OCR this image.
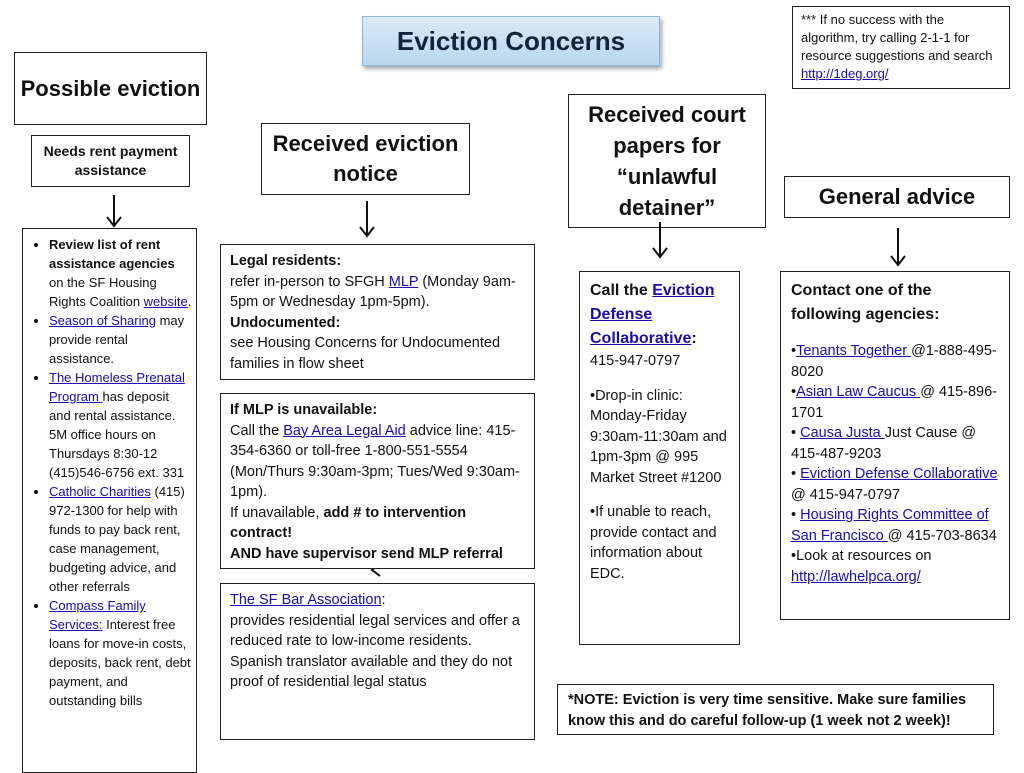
Eviction Concerns
*** If no success with the algorithm, try calling 2-1-1 for resource suggestions and search http://1deg.org/
Possible eviction
Needs rent payment assistance
Received eviction notice
Received court papers for “unlawful detainer”	General advice
• Review list of rent assistance agencies on the SF Housing Rights Coalition website.
• Season of Sharing may provide rental assistance.
• The Homeless Prenatal Program has deposit and rental assistance. 5M office hours on Thursdays 8:30-12 (415)546-6756 ext. 331
• Catholic Charities (415) 972-1300 for help with funds to pay back rent, case management, budgeting advice, and other referrals
• Compass Family Services: Interest free loans for move-in costs, deposits, back rent, debt payment, and outstanding bills
Legal residents:
refer in-person to SFGH MLP (Monday 9am-5pm or Wednesday 1pm-5pm).
Undocumented:
see Housing Concerns for Undocumented families in flow sheet
If MLP is unavailable:
Call the Bay Area Legal Aid advice line: 415-354-6360 or toll-free 1-800-551-5554 (Mon/Thurs 9:30am-3pm; Tues/Wed 9:30am-1pm).
If unavailable, add # to intervention contract!
AND have supervisor send MLP referral
The SF Bar Association:
provides residential legal services and offer a reduced rate to low-income residents.
Spanish translator available and they do not proof of residential legal status
Call the Eviction Defense Collaborative:
415-947-0797

•Drop-in clinic: Monday-Friday 9:30am-11:30am and 1pm-3pm @ 995 Market Street #1200

•If unable to reach, provide contact and information about EDC.

Contact one of the following agencies:
•Tenants Together @1-888-495-8020
•Asian Law Caucus @ 415-896-1701
• Causa Justa Just Cause @ 415-487-9203
• Eviction Defense Collaborative @ 415-947-0797
• Housing Rights Committee of San Francisco @ 415-703-8634
•Look at resources on http://lawhelpca.org/
*NOTE: Eviction is very time sensitive. Make sure families know this and do careful follow-up (1 week not 2 week)!
